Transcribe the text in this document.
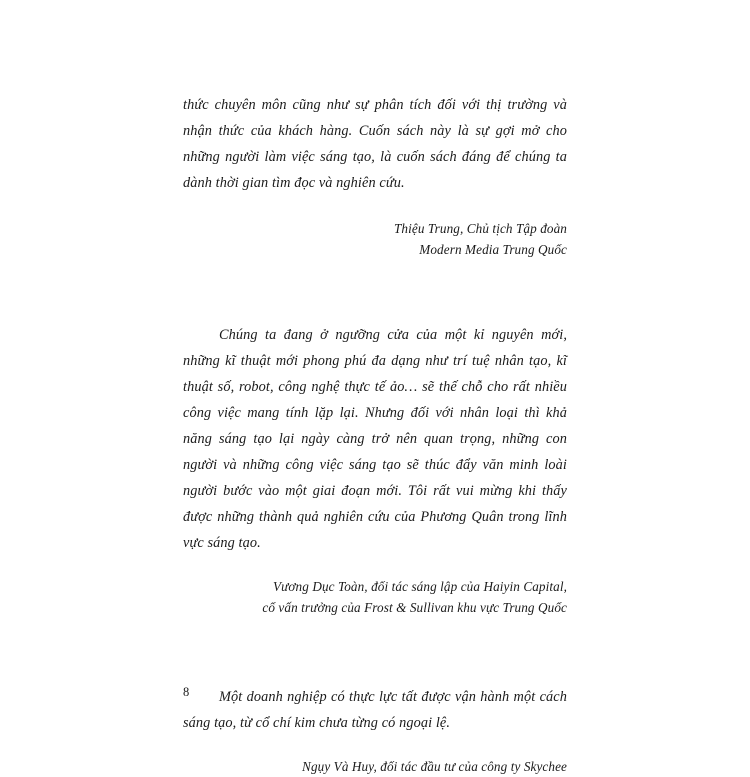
thức chuyên môn cũng như sự phân tích đối với thị trường và nhận thức của khách hàng. Cuốn sách này là sự gợi mở cho những người làm việc sáng tạo, là cuốn sách đáng để chúng ta dành thời gian tìm đọc và nghiên cứu.

Thiệu Trung, Chủ tịch Tập đoàn

Modern Media Trung Quốc

Chúng ta đang ở ngưỡng cửa của một kỉ nguyên mới, những kĩ thuật mới phong phú đa dạng như trí tuệ nhân tạo, kĩ thuật số, robot, công nghệ thực tế ảo… sẽ thế chỗ cho rất nhiều công việc mang tính lặp lại. Nhưng đối với nhân loại thì khả năng sáng tạo lại ngày càng trở nên quan trọng, những con người và những công việc sáng tạo sẽ thúc đẩy văn minh loài người bước vào một giai đoạn mới. Tôi rất vui mừng khi thấy được những thành quả nghiên cứu của Phương Quân trong lĩnh vực sáng tạo.

Vương Dục Toàn, đối tác sáng lập của Haiyin Capital,

cố vấn trưởng của Frost & Sullivan khu vực Trung Quốc

Một doanh nghiệp có thực lực tất được vận hành một cách sáng tạo, từ cổ chí kim chưa từng có ngoại lệ.

Ngụy Và Huy, đối tác đầu tư của công ty Skychee

8
